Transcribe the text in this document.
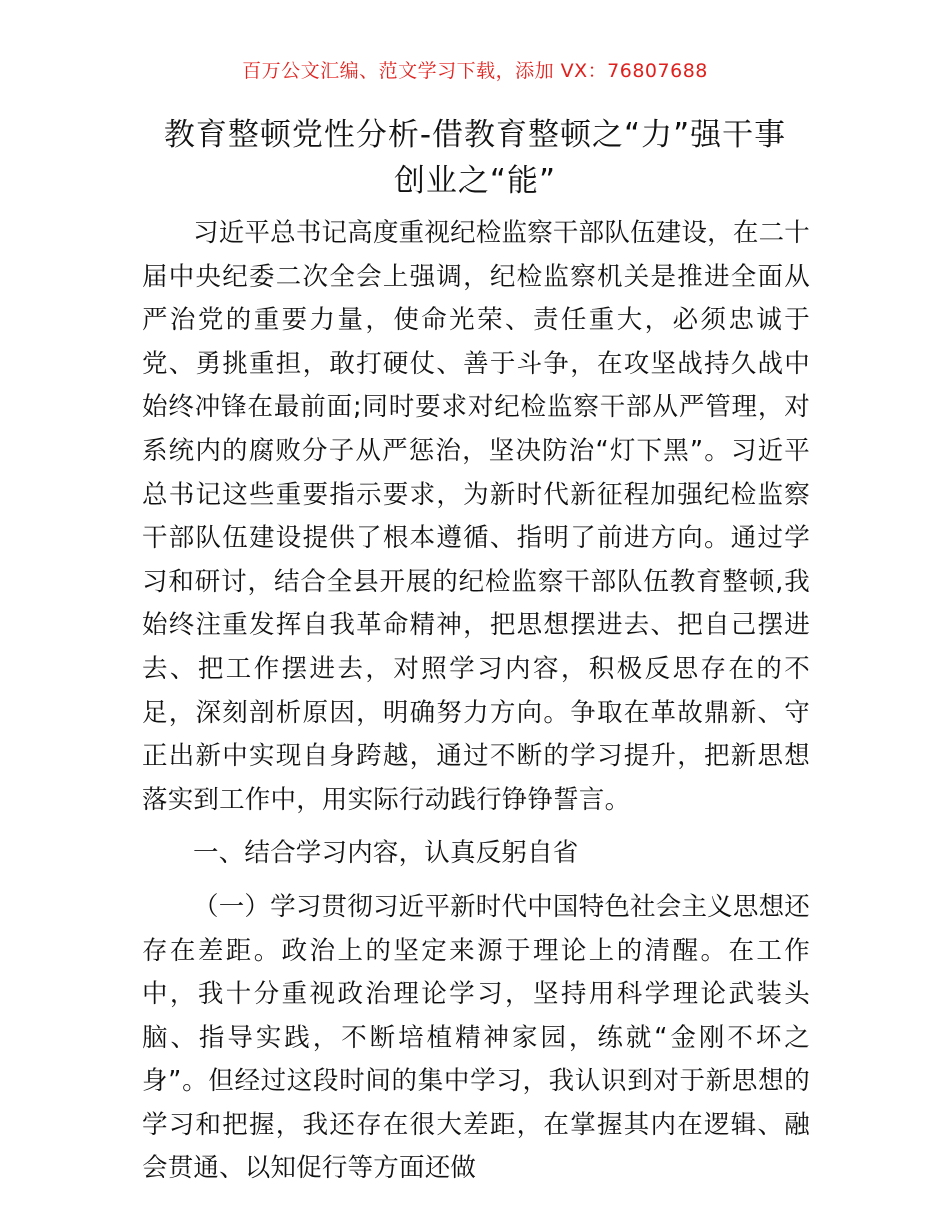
百万公文汇编、范文学习下载，添加 VX：76807688
教育整顿党性分析-借教育整顿之“力”强干事
创业之“能”

习近平总书记高度重视纪检监察干部队伍建设，在二十届中央纪委二次全会上强调，纪检监察机关是推进全面从严治党的重要力量，使命光荣、责任重大，必须忠诚于党、勇挑重担，敢打硬仗、善于斗争，在攻坚战持久战中始终冲锋在最前面;同时要求对纪检监察干部从严管理，对系统内的腐败分子从严惩治，坚决防治“灯下黑”。习近平总书记这些重要指示要求，为新时代新征程加强纪检监察干部队伍建设提供了根本遵循、指明了前进方向。通过学习和研讨，结合全县开展的纪检监察干部队伍教育整顿,我始终注重发挥自我革命精神，把思想摆进去、把自己摆进去、把工作摆进去，对照学习内容，积极反思存在的不足，深刻剖析原因，明确努力方向。争取在革故鼎新、守正出新中实现自身跨越，通过不断的学习提升，把新思想落实到工作中，用实际行动践行铮铮誓言。

一、结合学习内容，认真反躬自省

（一）学习贯彻习近平新时代中国特色社会主义思想还存在差距。政治上的坚定来源于理论上的清醒。在工作中，我十分重视政治理论学习，坚持用科学理论武装头脑、指导实践，不断培植精神家园，练就“金刚不坏之身”。但经过这段时间的集中学习，我认识到对于新思想的学习和把握，我还存在很大差距，在掌握其内在逻辑、融会贯通、以知促行等方面还做
